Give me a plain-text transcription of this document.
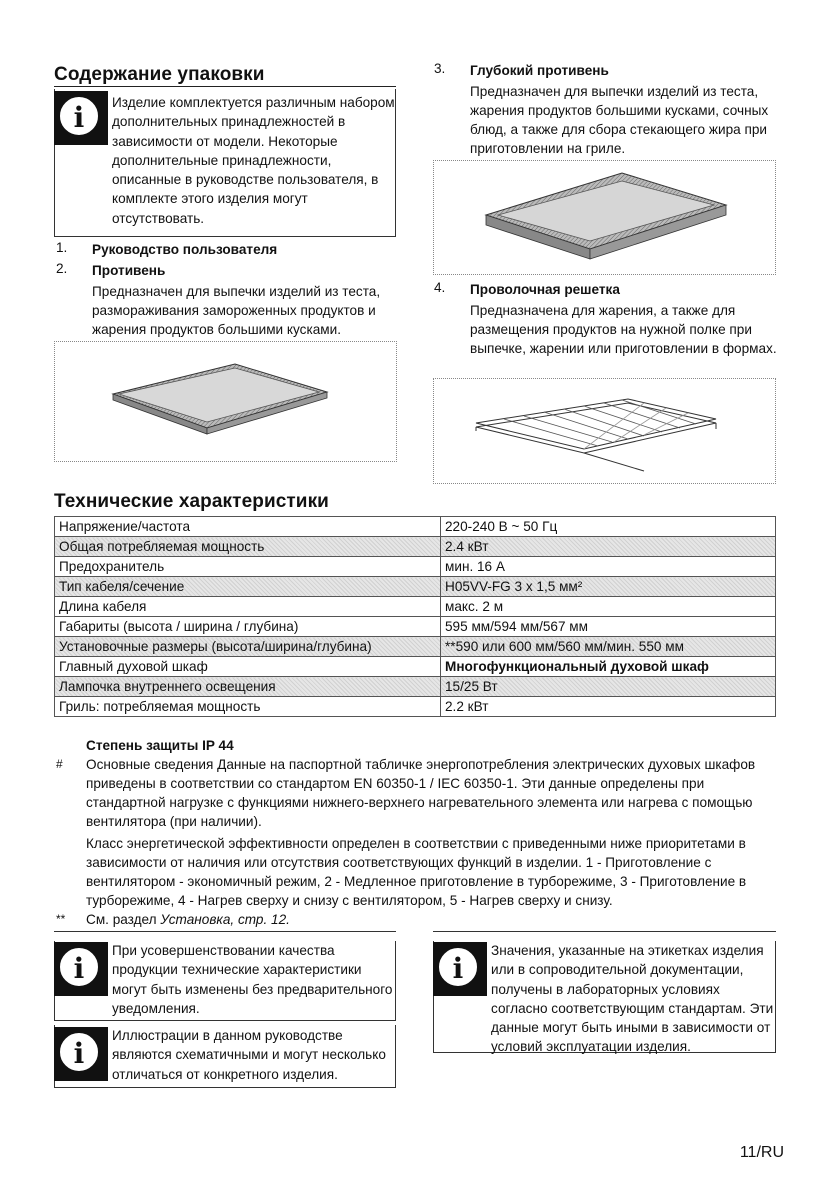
Содержание упаковки
i	Изделие комплектуется различным набором дополнительных принадлежностей в зависимости от модели. Некоторые дополнительные принадлежности, описанные в руководстве пользователя, в комплекте этого изделия могут отсутствовать.
1. Руководство пользователя
2. Противень
Предназначен для выпечки изделий из теста, размораживания замороженных продуктов и жарения продуктов большими кусками.
3. Глубокий противень
Предназначен для выпечки изделий из теста, жарения продуктов большими кусками, сочных блюд, а также для сбора стекающего жира при приготовлении на гриле.
4. Проволочная решетка
Предназначена для жарения, а также для размещения продуктов на нужной полке при выпечке, жарении или приготовлении в формах.
Технические характеристики
Напряжение/частота	220-240 В ~ 50 Гц
Общая потребляемая мощность	2.4 кВт
Предохранитель	мин. 16 А
Тип кабеля/сечение	H05VV-FG 3 x 1,5 мм²
Длина кабеля	макс. 2 м
Габариты (высота / ширина / глубина)	595 мм/594 мм/567 мм
Установочные размеры (высота/ширина/глубина)	**590 или 600 мм/560 мм/мин. 550 мм
Главный духовой шкаф	Многофункциональный духовой шкаф
Лампочка внутреннего освещения	15/25 Вт
Гриль: потребляемая мощность	2.2 кВт
Степень защиты IP 44
# Основные сведения Данные на паспортной табличке энергопотребления электрических духовых шкафов приведены в соответствии со стандартом EN 60350-1 / IEC 60350-1. Эти данные определены при стандартной нагрузке с функциями нижнего-верхнего нагревательного элемента или нагрева с помощью вентилятора (при наличии).
Класс энергетической эффективности определен в соответствии с приведенными ниже приоритетами в зависимости от наличия или отсутствия соответствующих функций в изделии. 1 - Приготовление с вентилятором - экономичный режим, 2 - Медленное приготовление в турборежиме, 3 - Приготовление в турборежиме, 4 - Нагрев сверху и снизу с вентилятором, 5 - Нагрев сверху и снизу.
** См. раздел Установка, стр. 12.
i
При усовершенствовании качества продукции технические характеристики могут быть изменены без предварительного уведомления.
i
Иллюстрации в данном руководстве являются схематичными и могут несколько отличаться от конкретного изделия.
i
Значения, указанные на этикетках изделия или в сопроводительной документации, получены в лабораторных условиях согласно соответствующим стандартам. Эти данные могут быть иными в зависимости от условий эксплуатации изделия.
11/RU
